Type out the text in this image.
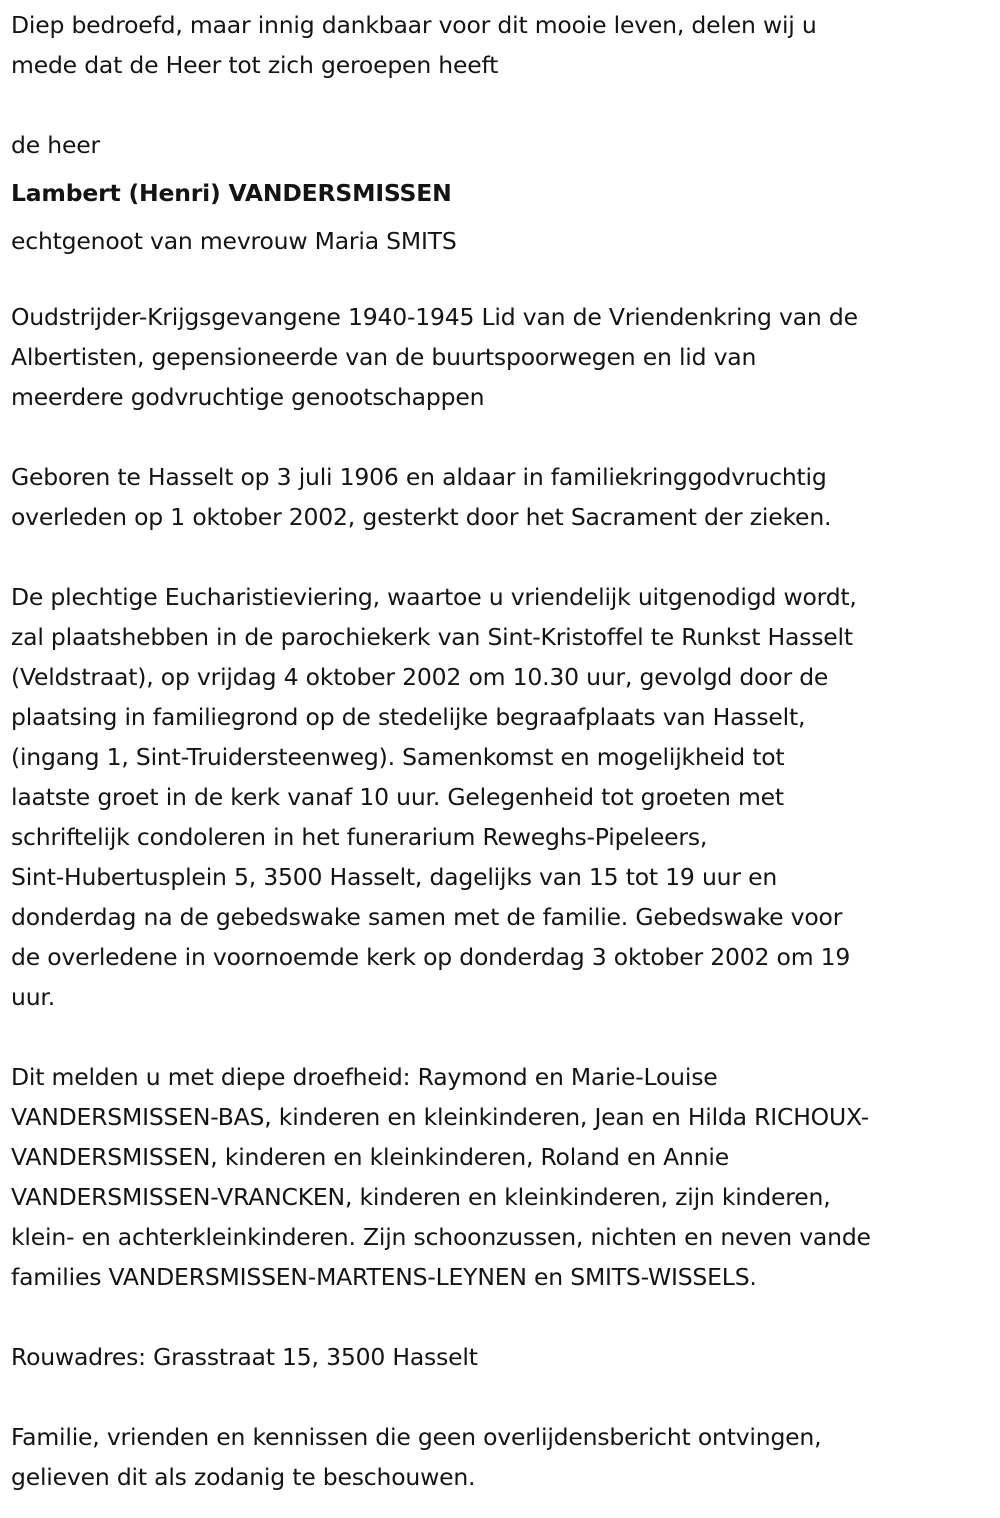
Diep bedroefd, maar innig dankbaar voor dit mooie leven, delen wij u
mede dat de Heer tot zich geroepen heeft
de heer
Lambert (Henri) VANDERSMISSEN
echtgenoot van mevrouw Maria SMITS
Oudstrijder-Krijgsgevangene 1940-1945 Lid van de Vriendenkring van de
Albertisten, gepensioneerde van de buurtspoorwegen en lid van
meerdere godvruchtige genootschappen
Geboren te Hasselt op 3 juli 1906 en aldaar in familiekringgodvruchtig
overleden op 1 oktober 2002, gesterkt door het Sacrament der zieken.
De plechtige Eucharistieviering, waartoe u vriendelijk uitgenodigd wordt,
zal plaatshebben in de parochiekerk van Sint-Kristoffel te Runkst Hasselt
(Veldstraat), op vrijdag 4 oktober 2002 om 10.30 uur, gevolgd door de
plaatsing in familiegrond op de stedelijke begraafplaats van Hasselt,
(ingang 1, Sint-Truidersteenweg). Samenkomst en mogelijkheid tot
laatste groet in de kerk vanaf 10 uur. Gelegenheid tot groeten met
schriftelijk condoleren in het funerarium Reweghs-Pipeleers,
Sint-Hubertusplein 5, 3500 Hasselt, dagelijks van 15 tot 19 uur en
donderdag na de gebedswake samen met de familie. Gebedswake voor
de overledene in voornoemde kerk op donderdag 3 oktober 2002 om 19
uur.
Dit melden u met diepe droefheid: Raymond en Marie-Louise
VANDERSMISSEN-BAS, kinderen en kleinkinderen, Jean en Hilda RICHOUX-
VANDERSMISSEN, kinderen en kleinkinderen, Roland en Annie
VANDERSMISSEN-VRANCKEN, kinderen en kleinkinderen, zijn kinderen,
klein- en achterkleinkinderen. Zijn schoonzussen, nichten en neven vande
families VANDERSMISSEN-MARTENS-LEYNEN en SMITS-WISSELS.
Rouwadres: Grasstraat 15, 3500 Hasselt
Familie, vrienden en kennissen die geen overlijdensbericht ontvingen,
gelieven dit als zodanig te beschouwen.
